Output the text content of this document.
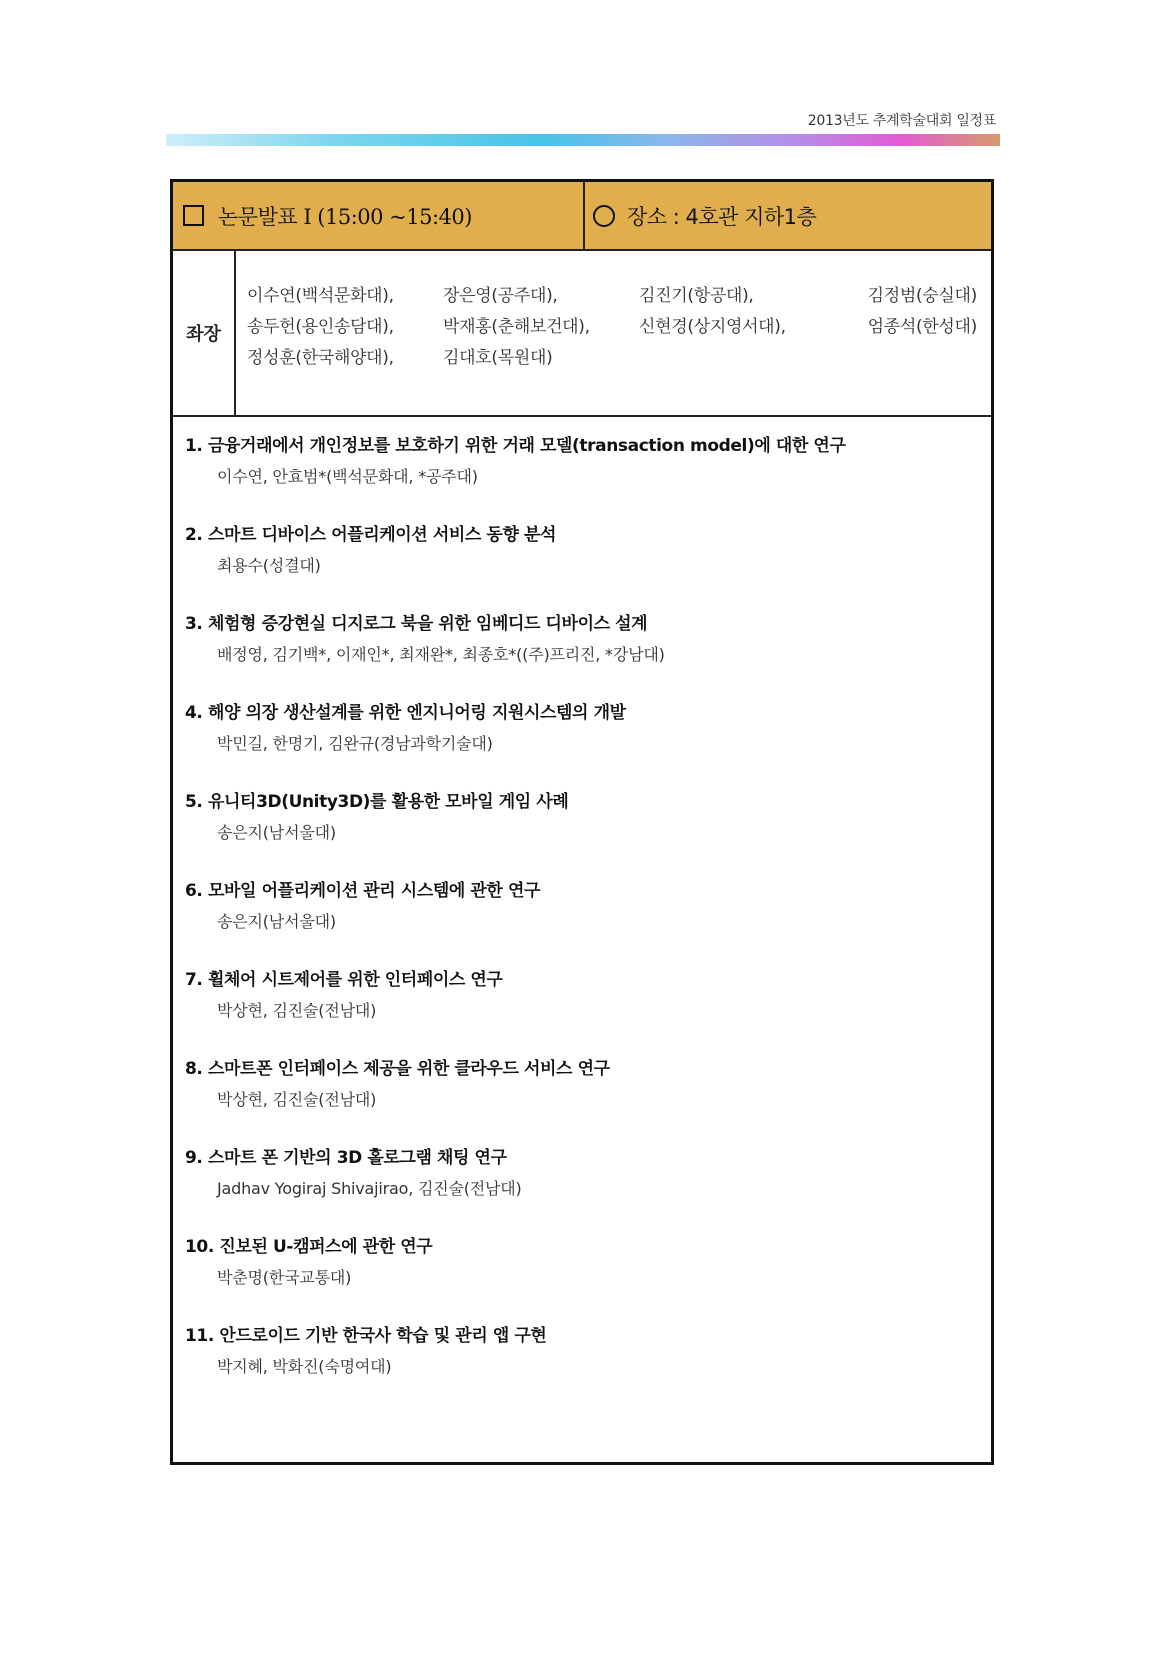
2013년도 추계학술대회 일정표
논문발표 I (15:00 ~15:40)	장소 : 4호관 지하1층
좌장
이수연(백석문화대),	장은영(공주대),	김진기(항공대),	김정범(숭실대)
송두헌(용인송담대),	박재홍(춘해보건대),	신현경(상지영서대),	엄종석(한성대)
정성훈(한국해양대),	김대호(목원대)
1. 금융거래에서 개인정보를 보호하기 위한 거래 모델(transaction model)에 대한 연구
이수연, 안효범*(백석문화대, *공주대)
2. 스마트 디바이스 어플리케이션 서비스 동향 분석
최용수(성결대)
3. 체험형 증강현실 디지로그 북을 위한 임베디드 디바이스 설계
배정영, 김기백*, 이재인*, 최재완*, 최종호*((주)프리진, *강남대)
4. 해양 의장 생산설계를 위한 엔지니어링 지원시스템의 개발
박민길, 한명기, 김완규(경남과학기술대)
5. 유니티3D(Unity3D)를 활용한 모바일 게임 사례
송은지(남서울대)
6. 모바일 어플리케이션 관리 시스템에 관한 연구
송은지(남서울대)
7. 휠체어 시트제어를 위한 인터페이스 연구
박상현, 김진술(전남대)
8. 스마트폰 인터페이스 제공을 위한 클라우드 서비스 연구
박상현, 김진술(전남대)
9. 스마트 폰 기반의 3D 홀로그램 채팅 연구
Jadhav Yogiraj Shivajirao, 김진술(전남대)
10. 진보된 U-캠퍼스에 관한 연구
박춘명(한국교통대)
11. 안드로이드 기반 한국사 학습 및 관리 앱 구현
박지혜, 박화진(숙명여대)
